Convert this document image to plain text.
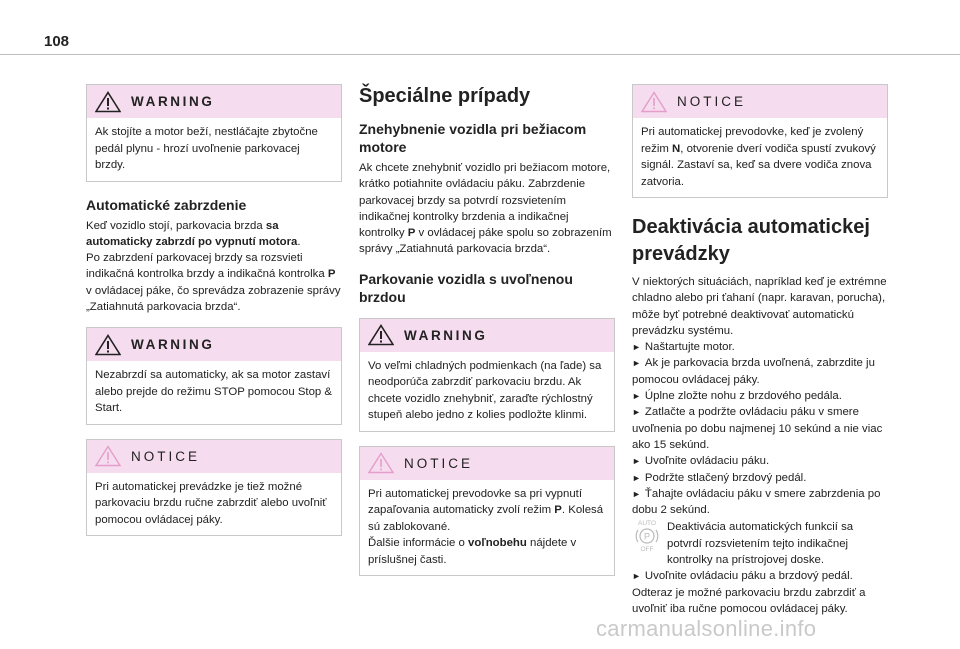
108
WARNING
Ak stojíte a motor beží, nestláčajte zbytočne pedál plynu - hrozí uvoľnenie parkovacej brzdy.
Automatické zabrzdenie

Keď vozidlo stojí, parkovacia brzda sa automaticky zabrzdí po vypnutí motora.

Po zabrzdení parkovacej brzdy sa rozsvieti indikačná kontrolka brzdy a indikačná kontrolka P v ovládacej páke, čo sprevádza zobrazenie správy „Zatiahnutá parkovacia brzda“.

WARNING
Nezabrzdí sa automaticky, ak sa motor zastaví alebo prejde do režimu STOP pomocou Stop & Start.
NOTICE
Pri automatickej prevádzke je tiež možné parkovaciu brzdu ručne zabrzdiť alebo uvoľniť pomocou ovládacej páky.
Špeciálne prípady
Znehybnenie vozidla pri bežiacom motore

Ak chcete znehybniť vozidlo pri bežiacom motore, krátko potiahnite ovládaciu páku. Zabrzdenie parkovacej brzdy sa potvrdí rozsvietením indikačnej kontrolky brzdenia a indikačnej kontrolky P v ovládacej páke spolu so zobrazením správy „Zatiahnutá parkovacia brzda“.

Parkovanie vozidla s uvoľnenou brzdou
WARNING
Vo veľmi chladných podmienkach (na ľade) sa neodporúča zabrzdiť parkovaciu brzdu. Ak chcete vozidlo znehybniť, zaraďte rýchlostný stupeň alebo jedno z kolies podložte klinmi.
NOTICE
Pri automatickej prevodovke sa pri vypnutí zapaľovania automaticky zvolí režim P. Kolesá sú zablokované.
Ďalšie informácie o voľnobehu nájdete v príslušnej časti.
NOTICE
Pri automatickej prevodovke, keď je zvolený režim N, otvorenie dverí vodiča spustí zvukový signál. Zastaví sa, keď sa dvere vodiča znova zatvoria.
Deaktivácia automatickej prevádzky

V niektorých situáciách, napríklad keď je extrémne chladno alebo pri ťahaní (napr. karavan, porucha), môže byť potrebné deaktivovať automatickú prevádzku systému.

► Naštartujte motor.
► Ak je parkovacia brzda uvoľnená, zabrzdite ju pomocou ovládacej páky.
► Úplne zložte nohu z brzdového pedála.
► Zatlačte a podržte ovládaciu páku v smere uvoľnenia po dobu najmenej 10 sekúnd a nie viac ako 15 sekúnd.
► Uvoľnite ovládaciu páku.
► Podržte stlačený brzdový pedál.
► Ťahajte ovládaciu páku v smere zabrzdenia po dobu 2 sekúnd.
AUTO
P
OFF

Deaktivácia automatických funkcií sa potvrdí rozsvietením tejto indikačnej kontrolky na prístrojovej doske.

► Uvoľnite ovládaciu páku a brzdový pedál.

Odteraz je možné parkovaciu brzdu zabrzdiť a uvoľniť iba ručne pomocou ovládacej páky.

carmanualsonline.info
